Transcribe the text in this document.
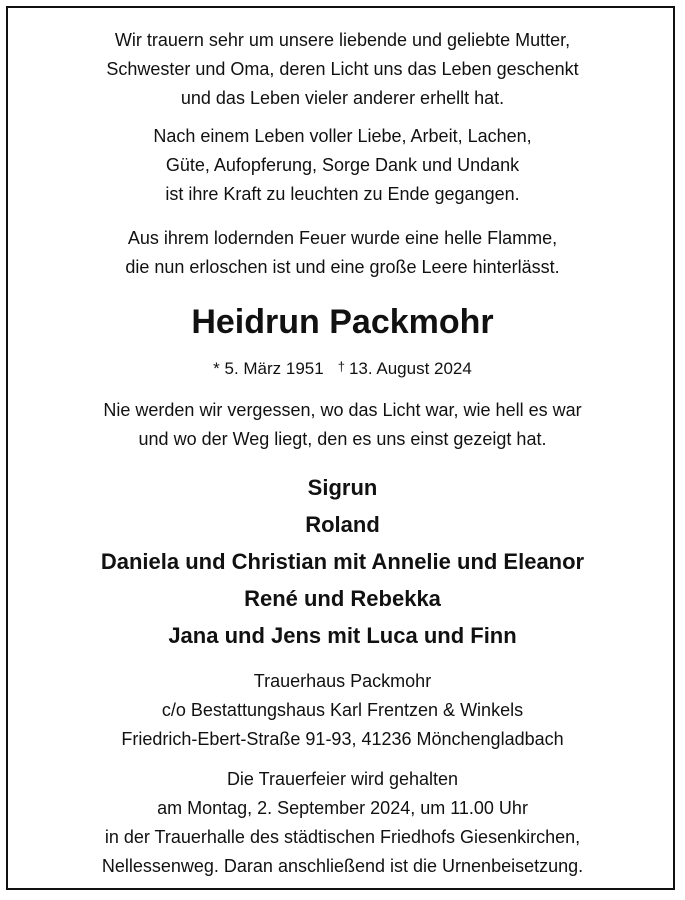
Wir trauern sehr um unsere liebende und geliebte Mutter,
Schwester und Oma, deren Licht uns das Leben geschenkt
und das Leben vieler anderer erhellt hat.
Nach einem Leben voller Liebe, Arbeit, Lachen,
Güte, Aufopferung, Sorge Dank und Undank
ist ihre Kraft zu leuchten zu Ende gegangen.
Aus ihrem lodernden Feuer wurde eine helle Flamme,
die nun erloschen ist und eine große Leere hinterlässt.
Heidrun Packmohr
* 5. März 1951 † 13. August 2024
Nie werden wir vergessen, wo das Licht war, wie hell es war
und wo der Weg liegt, den es uns einst gezeigt hat.
Sigrun
Roland
Daniela und Christian mit Annelie und Eleanor
René und Rebekka
Jana und Jens mit Luca und Finn
Trauerhaus Packmohr
c/o Bestattungshaus Karl Frentzen & Winkels
Friedrich-Ebert-Straße 91-93, 41236 Mönchengladbach
Die Trauerfeier wird gehalten
am Montag, 2. September 2024, um 11.00 Uhr
in der Trauerhalle des städtischen Friedhofs Giesenkirchen,
Nellessenweg. Daran anschließend ist die Urnenbeisetzung.
